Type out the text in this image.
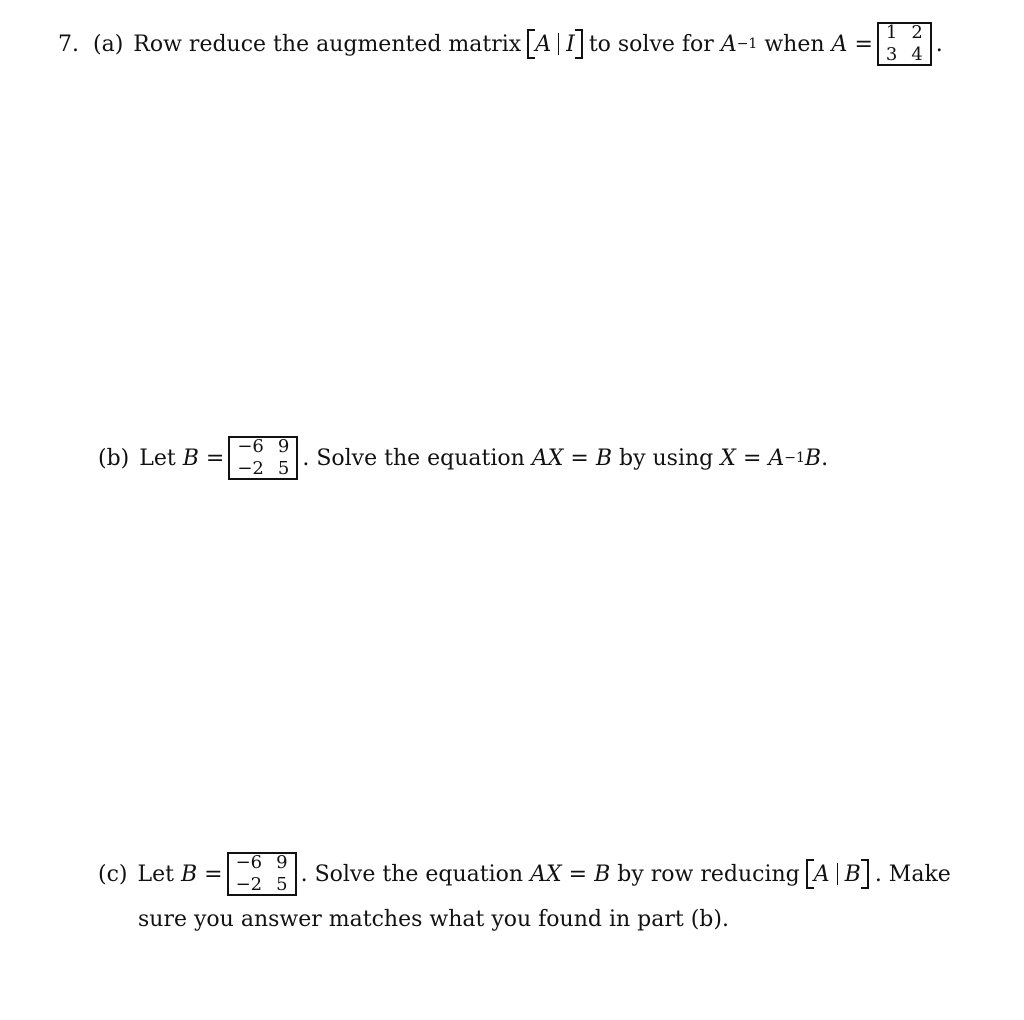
7. (a) Row reduce the augmented matrix A I to solve for
A −1
when
A
= 1 2
3 4 .
(b) Let
B
= −6 9
−2 5 . Solve the equation
AX
=
B
by using
X
=
A −1 B .
(c) Let
B
= −6 9
−2 5 . Solve the equation
AX
=
B
by row reducing A B . Make
sure you answer matches what you found in part (b).
